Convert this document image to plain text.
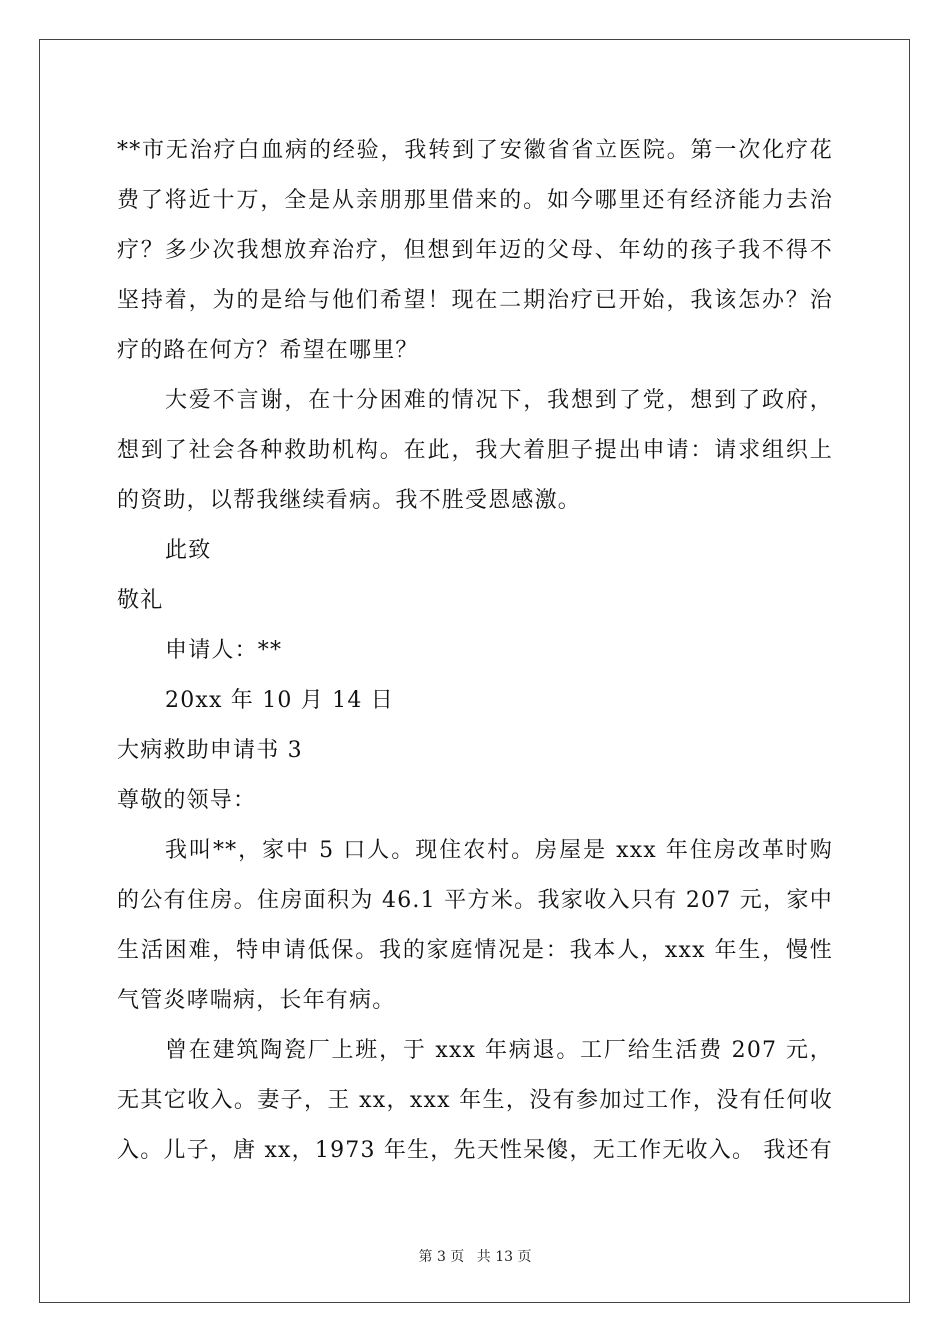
**市无治疗白血病的经验，我转到了安徽省省立医院。第一次化疗花
费了将近十万，全是从亲朋那里借来的。如今哪里还有经济能力去治
疗？多少次我想放弃治疗，但想到年迈的父母、年幼的孩子我不得不
坚持着，为的是给与他们希望！现在二期治疗已开始，我该怎办？治
疗的路在何方？希望在哪里？
大爱不言谢，在十分困难的情况下，我想到了党，想到了政府，
想到了社会各种救助机构。在此，我大着胆子提出申请：请求组织上
的资助，以帮我继续看病。我不胜受恩感激。
此致
敬礼
申请人：**
20xx 年 10 月 14 日
大病救助申请书 3
尊敬的领导：
我叫**，家中 5 口人。现住农村。房屋是 xxx 年住房改革时购
的公有住房。住房面积为 46.1 平方米。我家收入只有 207 元，家中
生活困难，特申请低保。我的家庭情况是：我本人，xxx 年生，慢性
气管炎哮喘病，长年有病。
曾在建筑陶瓷厂上班，于 xxx 年病退。工厂给生活费 207 元，
无其它收入。妻子，王 xx，xxx 年生，没有参加过工作，没有任何收
入。儿子，唐 xx，1973 年生，先天性呆傻，无工作无收入。 我还有
第 3 页 共 13 页
